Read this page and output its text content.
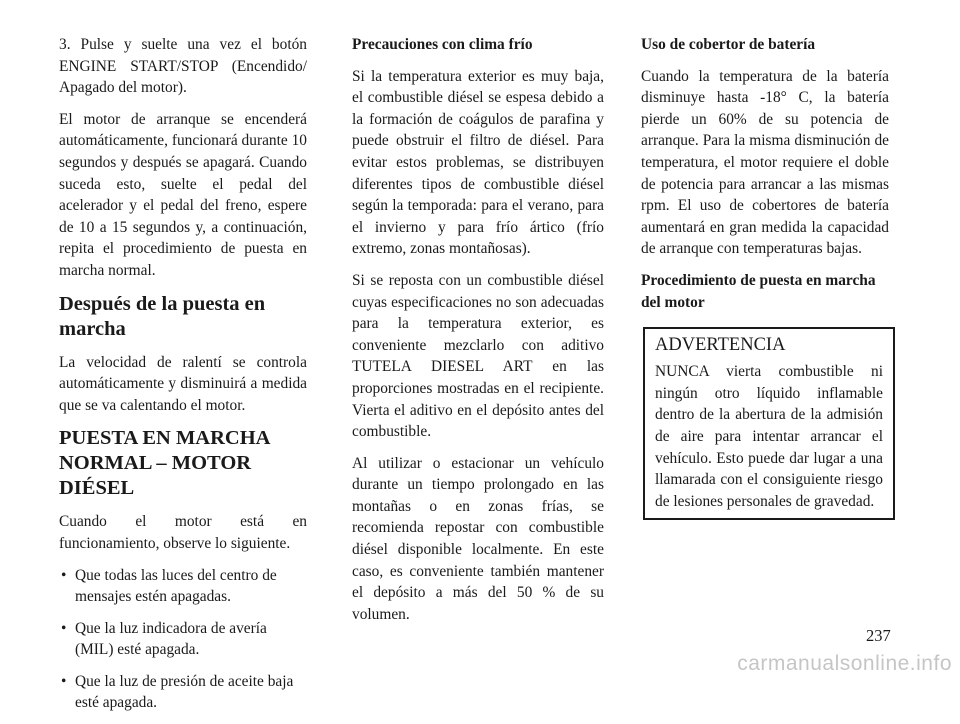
3. Pulse y suelte una vez el botón ENGINE START/STOP (Encendido/ Apagado del motor).

El motor de arranque se encenderá automáticamente, funcionará durante 10 segundos y después se apagará. Cuando suceda esto, suelte el pedal del acelerador y el pedal del freno, espere de 10 a 15 segundos y, a continuación, repita el procedimiento de puesta en marcha normal.

Después de la puesta en marcha

La velocidad de ralentí se controla automáticamente y disminuirá a medida que se va calentando el motor.

PUESTA EN MARCHA NORMAL – MOTOR DIÉSEL

Cuando el motor está en funcionamiento, observe lo siguiente.

• Que todas las luces del centro de mensajes estén apagadas.
• Que la luz indicadora de avería (MIL) esté apagada.
• Que la luz de presión de aceite baja esté apagada.

Precauciones con clima frío

Si la temperatura exterior es muy baja, el combustible diésel se espesa debido a la formación de coágulos de parafina y puede obstruir el filtro de diésel. Para evitar estos problemas, se distribuyen diferentes tipos de combustible diésel según la temporada: para el verano, para el invierno y para frío ártico (frío extremo, zonas montañosas).

Si se reposta con un combustible diésel cuyas especificaciones no son adecuadas para la temperatura exterior, es conveniente mezclarlo con aditivo TUTELA DIESEL ART en las proporciones mostradas en el recipiente. Vierta el aditivo en el depósito antes del combustible.

Al utilizar o estacionar un vehículo durante un tiempo prolongado en las montañas o en zonas frías, se recomienda repostar con combustible diésel disponible localmente. En este caso, es conveniente también mantener el depósito a más del 50 % de su volumen.

Uso de cobertor de batería

Cuando la temperatura de la batería disminuye hasta -18° C, la batería pierde un 60% de su potencia de arranque. Para la misma disminución de temperatura, el motor requiere el doble de potencia para arrancar a las mismas rpm. El uso de cobertores de batería aumentará en gran medida la capacidad de arranque con temperaturas bajas.

Procedimiento de puesta en marcha del motor

ADVERTENCIA

NUNCA vierta combustible ni ningún otro líquido inflamable dentro de la abertura de la admisión de aire para intentar arrancar el vehículo. Esto puede dar lugar a una llamarada con el consiguiente riesgo de lesiones personales de gravedad.

237
carmanualsonline.info
